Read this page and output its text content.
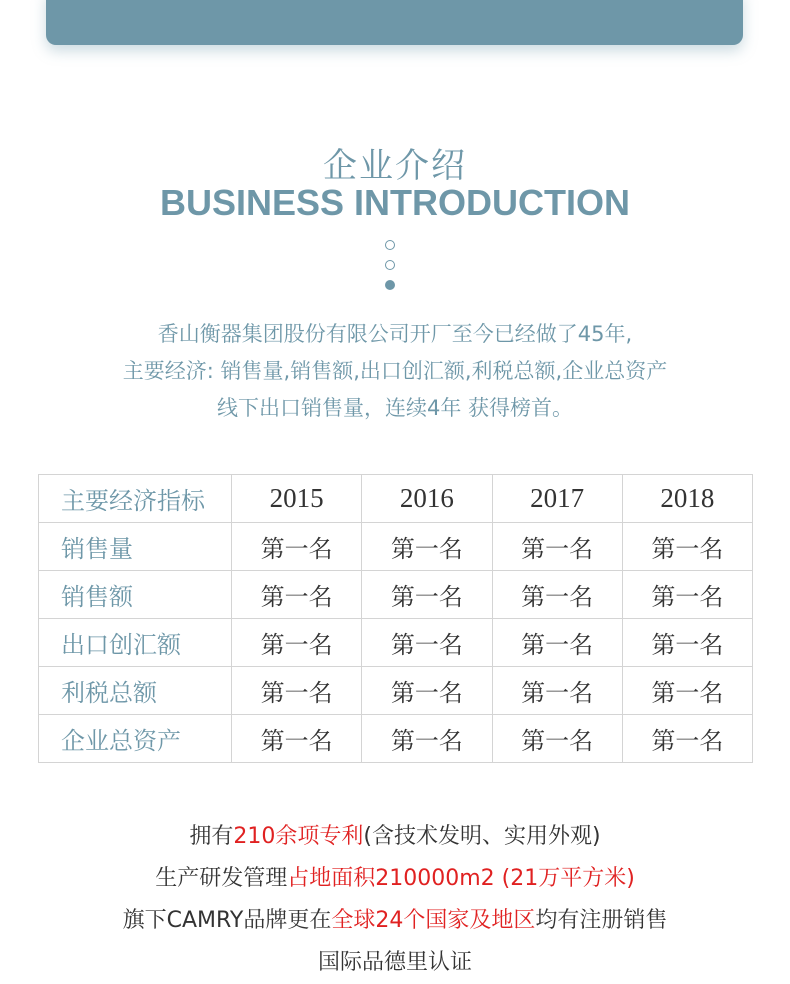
企业介绍
BUSINESS INTRODUCTION
香山衡器集团股份有限公司开厂至今已经做了45年,
主要经济: 销售量,销售额,出口创汇额,利税总额,企业总资产
线下出口销售量，连续4年 获得榜首。
主要经济指标	2015	2016	2017	2018
销售量	第一名	第一名	第一名	第一名
销售额	第一名	第一名	第一名	第一名
出口创汇额	第一名	第一名	第一名	第一名
利税总额	第一名	第一名	第一名	第一名
企业总资产	第一名	第一名	第一名	第一名
拥有210余项专利(含技术发明、实用外观)
生产研发管理占地面积210000m2 (21万平方米)
旗下CAMRY品牌更在全球24个国家及地区均有注册销售
国际品德里认证
